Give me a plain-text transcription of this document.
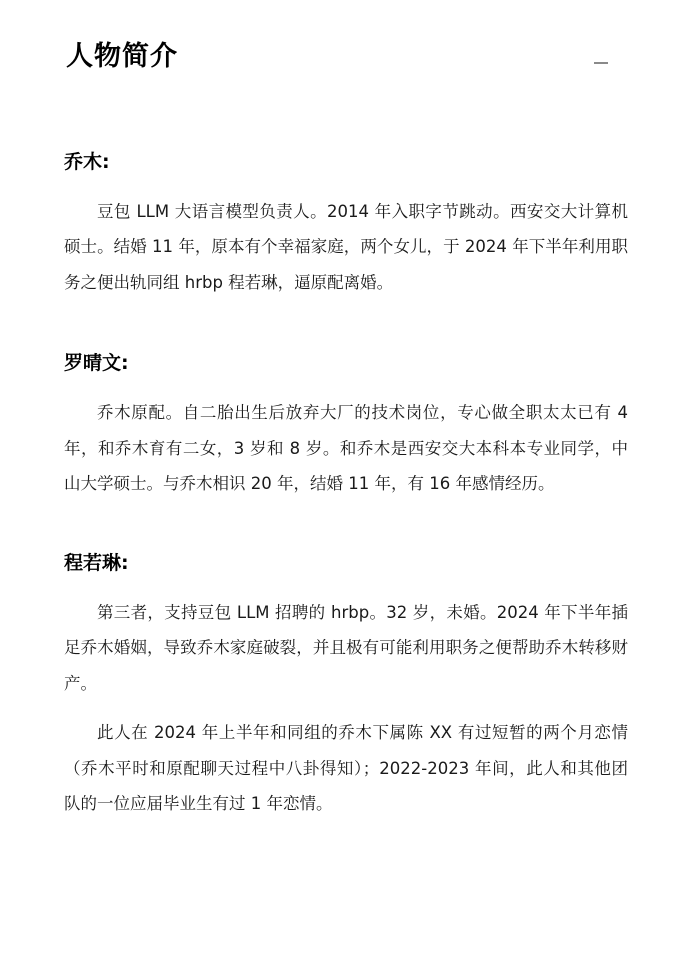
人物简介
乔木:

豆包 LLM 大语言模型负责人。2014 年入职字节跳动。西安交大计算机硕士。结婚 11 年，原本有个幸福家庭，两个女儿，于 2024 年下半年利用职务之便出轨同组 hrbp 程若琳，逼原配离婚。

罗晴文:

乔木原配。自二胎出生后放弃大厂的技术岗位，专心做全职太太已有 4 年，和乔木育有二女，3 岁和 8 岁。和乔木是西安交大本科本专业同学，中山大学硕士。与乔木相识 20 年，结婚 11 年，有 16 年感情经历。

程若琳:

第三者，支持豆包 LLM 招聘的 hrbp。32 岁，未婚。2024 年下半年插足乔木婚姻，导致乔木家庭破裂，并且极有可能利用职务之便帮助乔木转移财产。

此人在 2024 年上半年和同组的乔木下属陈 XX 有过短暂的两个月恋情（乔木平时和原配聊天过程中八卦得知）；2022-2023 年间，此人和其他团队的一位应届毕业生有过 1 年恋情。
